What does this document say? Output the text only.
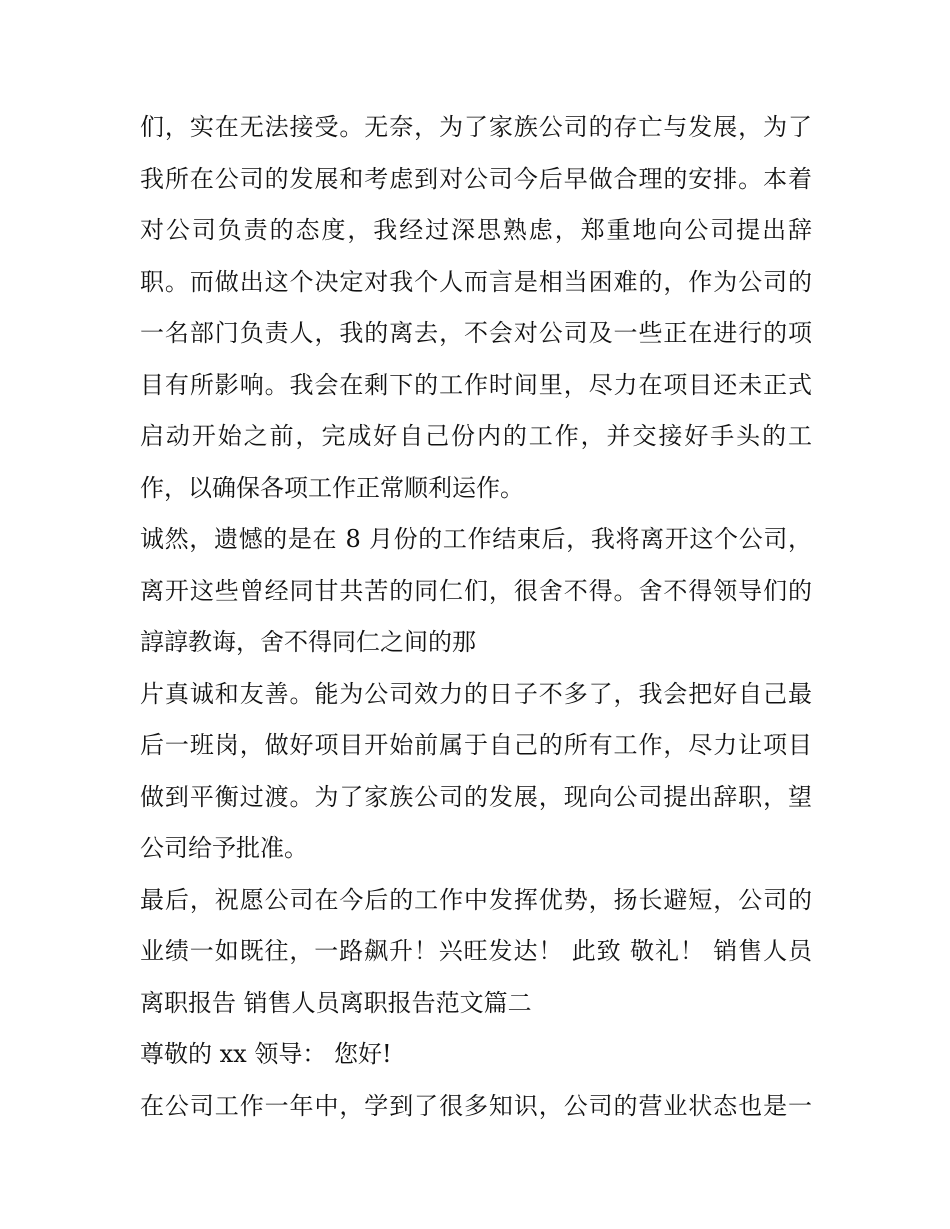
们，实在无法接受。无奈，为了家族公司的存亡与发展，为了
我所在公司的发展和考虑到对公司今后早做合理的安排。本着
对公司负责的态度，我经过深思熟虑，郑重地向公司提出辞
职。而做出这个决定对我个人而言是相当困难的，作为公司的
一名部门负责人，我的离去，不会对公司及一些正在进行的项
目有所影响。我会在剩下的工作时间里，尽力在项目还未正式
启动开始之前，完成好自己份内的工作，并交接好手头的工
作，以确保各项工作正常顺利运作。
诚然，遗憾的是在 8 月份的工作结束后，我将离开这个公司，
离开这些曾经同甘共苦的同仁们，很舍不得。舍不得领导们的
諄諄教诲，舍不得同仁之间的那
片真诚和友善。能为公司效力的日子不多了，我会把好自己最
后一班岗，做好项目开始前属于自己的所有工作，尽力让项目
做到平衡过渡。为了家族公司的发展，现向公司提出辞职，望
公司给予批准。
最后，祝愿公司在今后的工作中发挥优势，扬长避短，公司的
业绩一如既往，一路飙升！兴旺发达！ 此致 敬礼！ 销售人员
离职报告 销售人员离职报告范文篇二
尊敬的 xx 领导： 您好!
在公司工作一年中，学到了很多知识，公司的营业状态也是一
